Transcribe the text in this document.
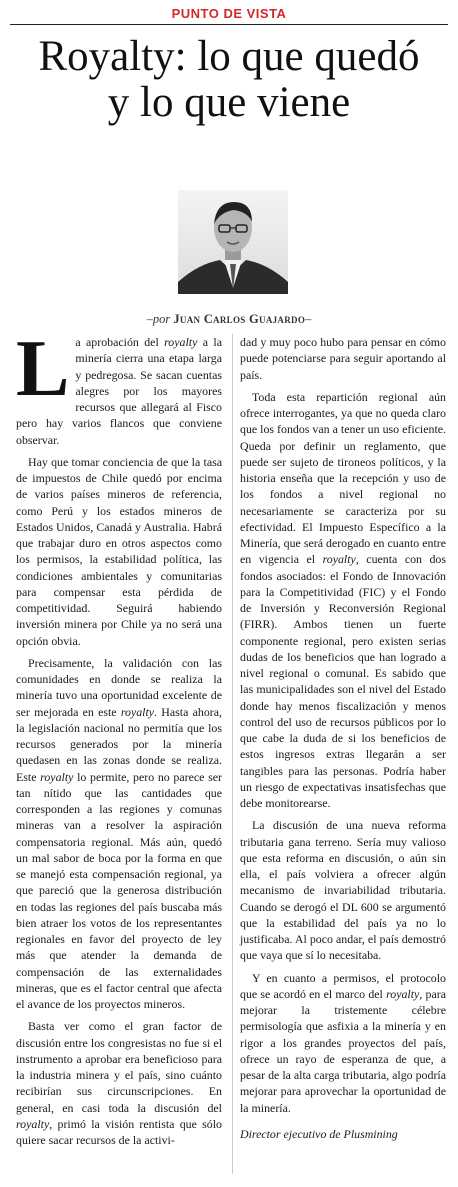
PUNTO DE VISTA
Royalty: lo que quedó
y lo que viene
–por Juan Carlos Guajardo–

La aprobación del royalty a la minería cierra una etapa larga y pedregosa. Se sacan cuentas alegres por los mayores recursos que allegará al Fisco pero hay varios flancos que conviene observar.

Hay que tomar conciencia de que la tasa de impuestos de Chile quedó por encima de varios países mineros de referencia, como Perú y los estados mineros de Estados Unidos, Canadá y Australia. Habrá que trabajar duro en otros aspectos como los permisos, la estabilidad política, las condiciones ambientales y comunitarias para compensar esta pérdida de competitividad. Seguirá habiendo inversión minera por Chile ya no será una opción obvia.

Precisamente, la validación con las comunidades en donde se realiza la minería tuvo una oportunidad excelente de ser mejorada en este royalty. Hasta ahora, la legislación nacional no permitía que los recursos generados por la minería quedasen en las zonas donde se realiza. Este royalty lo permite, pero no parece ser tan nítido que las cantidades que corresponden a las regiones y comunas mineras van a resolver la aspiración compensatoria regional. Más aún, quedó un mal sabor de boca por la forma en que se manejó esta compensación regional, ya que pareció que la generosa distribución en todas las regiones del país buscaba más bien atraer los votos de los representantes regionales en favor del proyecto de ley más que atender la demanda de compensación de las externalidades mineras, que es el factor central que afecta el avance de los proyectos mineros.

Basta ver como el gran factor de discusión entre los congresistas no fue si el instrumento a aprobar era beneficioso para la industria minera y el país, sino cuánto recibirían sus circunscripciones. En general, en casi toda la discusión del royalty, primó la visión rentista que sólo quiere sacar recursos de la activi-

dad y muy poco hubo para pensar en cómo puede potenciarse para seguir aportando al país.

Toda esta repartición regional aún ofrece interrogantes, ya que no queda claro que los fondos van a tener un uso eficiente. Queda por definir un reglamento, que puede ser sujeto de tironeos políticos, y la historia enseña que la recepción y uso de los fondos a nivel regional no necesariamente se caracteriza por su efectividad. El Impuesto Específico a la Minería, que será derogado en cuanto entre en vigencia el royalty, cuenta con dos fondos asociados: el Fondo de Innovación para la Competitividad (FIC) y el Fondo de Inversión y Reconversión Regional (FIRR). Ambos tienen un fuerte componente regional, pero existen serias dudas de los beneficios que han logrado a nivel regional o comunal. Es sabido que las municipalidades son el nivel del Estado donde hay menos fiscalización y menos control del uso de recursos públicos por lo que cabe la duda de si los beneficios de estos ingresos extras llegarán a ser tangibles para las personas. Podría haber un riesgo de expectativas insatisfechas que debe monitorearse.

La discusión de una nueva reforma tributaria gana terreno. Sería muy valioso que esta reforma en discusión, o aún sin ella, el país volviera a ofrecer algún mecanismo de invariabilidad tributaria. Cuando se derogó el DL 600 se argumentó que la estabilidad del país ya no lo justificaba. Al poco andar, el país demostró que vaya que sí lo necesitaba.

Y en cuanto a permisos, el protocolo que se acordó en el marco del royalty, para mejorar la tristemente célebre permisología que asfixia a la minería y en rigor a los grandes proyectos del país, ofrece un rayo de esperanza de que, a pesar de la alta carga tributaria, algo podría mejorar para aprovechar la oportunidad de la minería.

Director ejecutivo de Plusmining
